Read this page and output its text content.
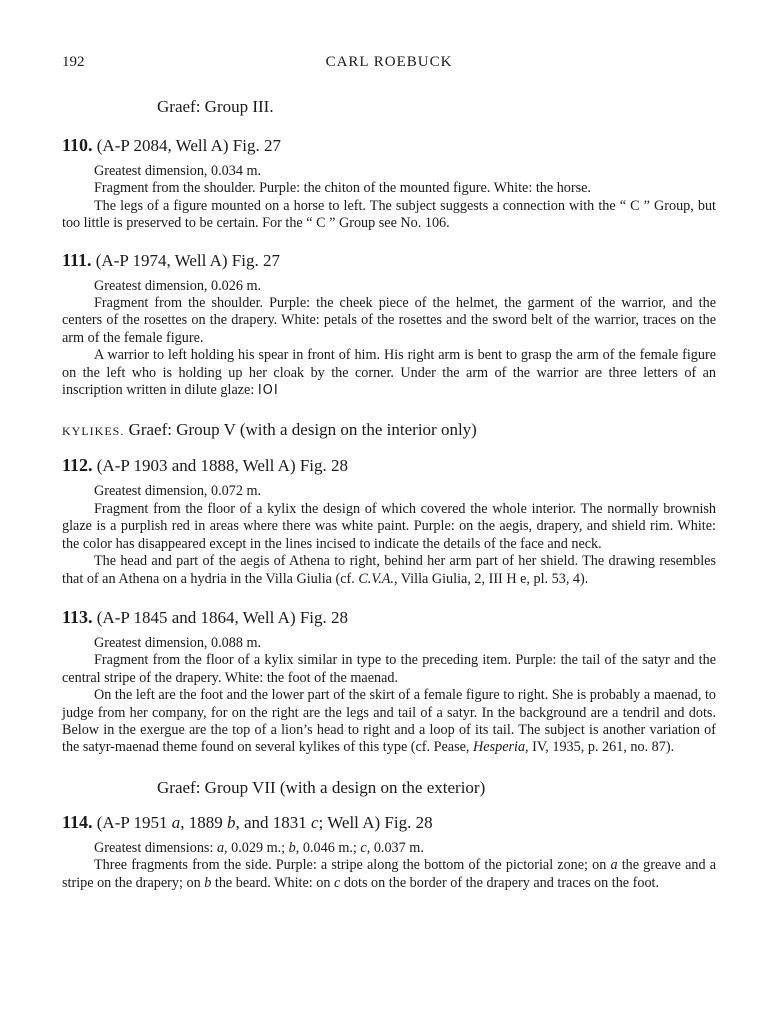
192	CARL ROEBUCK
Graef: Group III.
110. (A-P 2084, Well A) Fig. 27

Greatest dimension, 0.034 m.

Fragment from the shoulder. Purple: the chiton of the mounted figure. White: the horse.

The legs of a figure mounted on a horse to left. The subject suggests a connection with the “ C ” Group, but too little is preserved to be certain. For the “ C ” Group see No. 106.

111. (A-P 1974, Well A) Fig. 27

Greatest dimension, 0.026 m.

Fragment from the shoulder. Purple: the cheek piece of the helmet, the garment of the warrior, and the centers of the rosettes on the drapery. White: petals of the rosettes and the sword belt of the warrior, traces on the arm of the female figure.

A warrior to left holding his spear in front of him. His right arm is bent to grasp the arm of the female figure on the left who is holding up her cloak by the corner. Under the arm of the warrior are three letters of an inscription written in dilute glaze: ΙΟΙ

KYLIKES. Graef: Group V (with a design on the interior only)
112. (A-P 1903 and 1888, Well A) Fig. 28

Greatest dimension, 0.072 m.

Fragment from the floor of a kylix the design of which covered the whole interior. The normally brownish glaze is a purplish red in areas where there was white paint. Purple: on the aegis, drapery, and shield rim. White: the color has disappeared except in the lines incised to indicate the details of the face and neck.

The head and part of the aegis of Athena to right, behind her arm part of her shield. The drawing resembles that of an Athena on a hydria in the Villa Giulia (cf. C.V.A., Villa Giulia, 2, III H e, pl. 53, 4).

113. (A-P 1845 and 1864, Well A) Fig. 28

Greatest dimension, 0.088 m.

Fragment from the floor of a kylix similar in type to the preceding item. Purple: the tail of the satyr and the central stripe of the drapery. White: the foot of the maenad.

On the left are the foot and the lower part of the skirt of a female figure to right. She is probably a maenad, to judge from her company, for on the right are the legs and tail of a satyr. In the background are a tendril and dots. Below in the exergue are the top of a lion’s head to right and a loop of its tail. The subject is another variation of the satyr-maenad theme found on several kylikes of this type (cf. Pease, Hesperia, IV, 1935, p. 261, no. 87).

Graef: Group VII (with a design on the exterior)
114. (A-P 1951 a, 1889 b, and 1831 c; Well A) Fig. 28

Greatest dimensions: a, 0.029 m.; b, 0.046 m.; c, 0.037 m.

Three fragments from the side. Purple: a stripe along the bottom of the pictorial zone; on a the greave and a stripe on the drapery; on b the beard. White: on c dots on the border of the drapery and traces on the foot.
